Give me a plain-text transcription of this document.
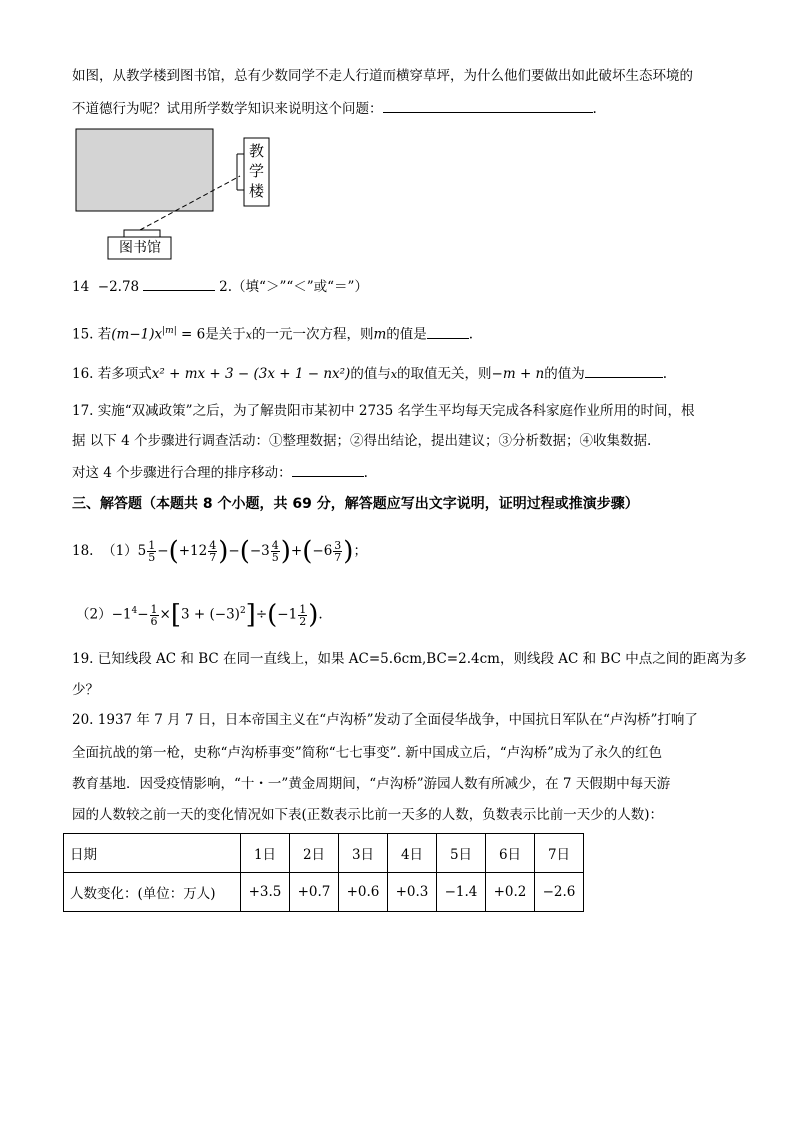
如图，从教学楼到图书馆，总有少数同学不走人行道而横穿草坪，为什么他们要做出如此破坏生态环境的
不道德行为呢？试用所学数学知识来说明这个问题：	.
教
学
楼
图书馆
14 −2.78	2.（填“＞”“＜”或“＝”）
15. 若$(m-1)x^{|m|} = 6$是关于x的一元一次方程，则m的值是	.
16. 若多项式x² + mx + 3 − (3x + 1 − nx²)的值与x的取值无关，则−m + n的值为	.
17. 实施“双减政策”之后，为了解贵阳市某初中 2735 名学生平均每天完成各科家庭作业所用的时间，根
据 以下 4 个步骤进行调查活动：①整理数据；②得出结论，提出建议；③分析数据；④收集数据.
对这 4 个步骤进行合理的排序移动：	.
三、解答题（本题共 8 个小题，共 69 分，解答题应写出文字说明，证明过程或推演步骤）
18. $(1)5 \frac{1}{5} -(+12 \frac{4}{7} )-(-3 \frac{4}{5} )+(-6 \frac{3}{7}$ )；
$(2)-1^4- \frac{1}{6} \times[3 + (-3)^2]\div(-1 \frac{1}{2}$ ).
19. 已知线段 AC 和 BC 在同一直线上，如果 AC=5.6cm,BC=2.4cm，则线段 AC 和 BC 中点之间的距离为多
少？
20. 1937 年 7 月 7 日，日本帝国主义在“卢沟桥”发动了全面侵华战争，中国抗日军队在“卢沟桥”打响了
全面抗战的第一枪，史称“卢沟桥事变”简称“七七事变”. 新中国成立后，“卢沟桥”成为了永久的红色
教育基地．因受疫情影响，“十・一”黄金周期间，“卢沟桥”游园人数有所减少，在 7 天假期中每天游
园的人数较之前一天的变化情况如下表(正数表示比前一天多的人数，负数表示比前一天少的人数)：
日期	1日	2日	3日	4日	5日	6日	7日
人数变化：(单位：万人)	+3.5	+0.7	+0.6	+0.3	−1.4	+0.2	−2.6
